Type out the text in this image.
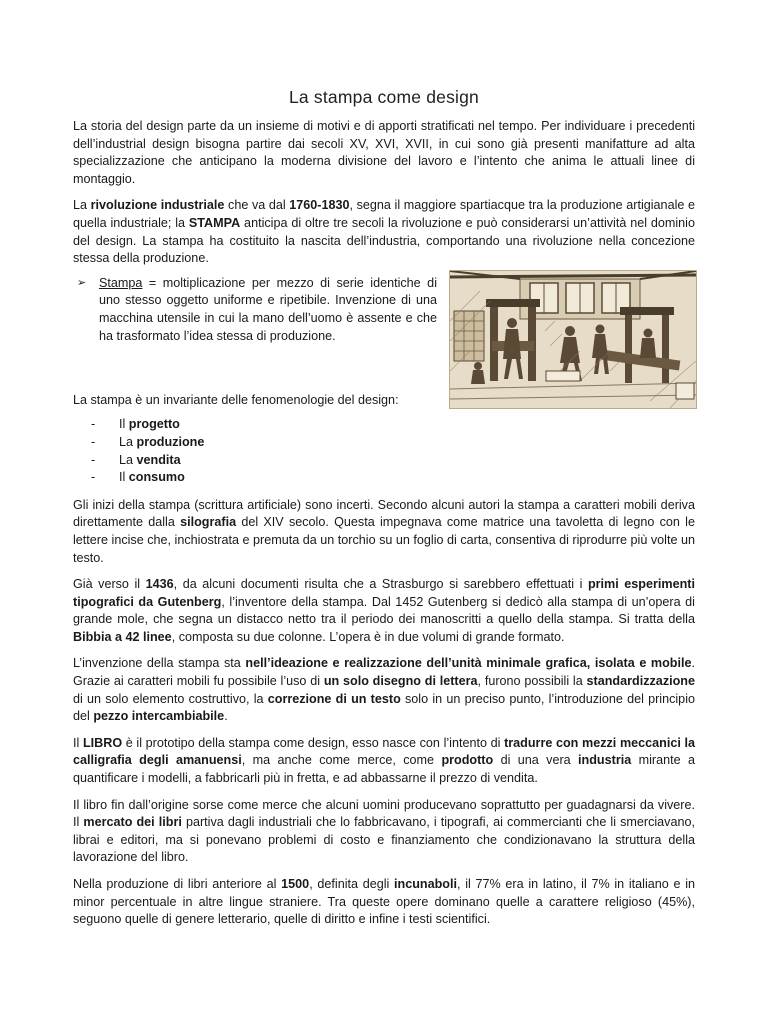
La stampa come design

La storia del design parte da un insieme di motivi e di apporti stratificati nel tempo. Per individuare i precedenti dell’industrial design bisogna partire dai secoli XV, XVI, XVII, in cui sono già presenti manifatture ad alta specializzazione che anticipano la moderna divisione del lavoro e l’intento che anima le attuali linee di montaggio.

La rivoluzione industriale che va dal 1760-1830, segna il maggiore spartiacque tra la produzione artigianale e quella industriale; la STAMPA anticipa di oltre tre secoli la rivoluzione e può considerarsi un’attività nel dominio del design. La stampa ha costituito la nascita dell’industria, comportando una rivoluzione nella concezione stessa della produzione.

➢ Stampa = moltiplicazione per mezzo di serie identiche di uno stesso oggetto uniforme e ripetibile. Invenzione di una macchina utensile in cui la mano dell’uomo è assente e che ha trasformato l’idea stessa di produzione.

La stampa è un invariante delle fenomenologie del design:

- Il progetto
- La produzione
- La vendita
- Il consumo

Gli inizi della stampa (scrittura artificiale) sono incerti. Secondo alcuni autori la stampa a caratteri mobili deriva direttamente dalla silografia del XIV secolo. Questa impegnava come matrice una tavoletta di legno con le lettere incise che, inchiostrata e premuta da un torchio su un foglio di carta, consentiva di riprodurre più volte un testo.

Già verso il 1436, da alcuni documenti risulta che a Strasburgo si sarebbero effettuati i primi esperimenti tipografici da Gutenberg, l’inventore della stampa. Dal 1452 Gutenberg si dedicò alla stampa di un’opera di grande mole, che segna un distacco netto tra il periodo dei manoscritti a quello della stampa. Si tratta della Bibbia a 42 linee, composta su due colonne. L’opera è in due volumi di grande formato.

L’invenzione della stampa sta nell’ideazione e realizzazione dell’unità minimale grafica, isolata e mobile. Grazie ai caratteri mobili fu possibile l’uso di un solo disegno di lettera, furono possibili la standardizzazione di un solo elemento costruttivo, la correzione di un testo solo in un preciso punto, l’introduzione del principio del pezzo intercambiabile.

Il LIBRO è il prototipo della stampa come design, esso nasce con l’intento di tradurre con mezzi meccanici la calligrafia degli amanuensi, ma anche come merce, come prodotto di una vera industria mirante a quantificare i modelli, a fabbricarli più in fretta, e ad abbassarne il prezzo di vendita.

Il libro fin dall’origine sorse come merce che alcuni uomini producevano soprattutto per guadagnarsi da vivere. Il mercato dei libri partiva dagli industriali che lo fabbricavano, i tipografi, ai commercianti che li smerciavano, librai e editori, ma si ponevano problemi di costo e finanziamento che condizionavano la struttura della lavorazione del libro.

Nella produzione di libri anteriore al 1500, definita degli incunaboli, il 77% era in latino, il 7% in italiano e in minor percentuale in altre lingue straniere. Tra queste opere dominano quelle a carattere religioso (45%), seguono quelle di genere letterario, quelle di diritto e infine i testi scientifici.
